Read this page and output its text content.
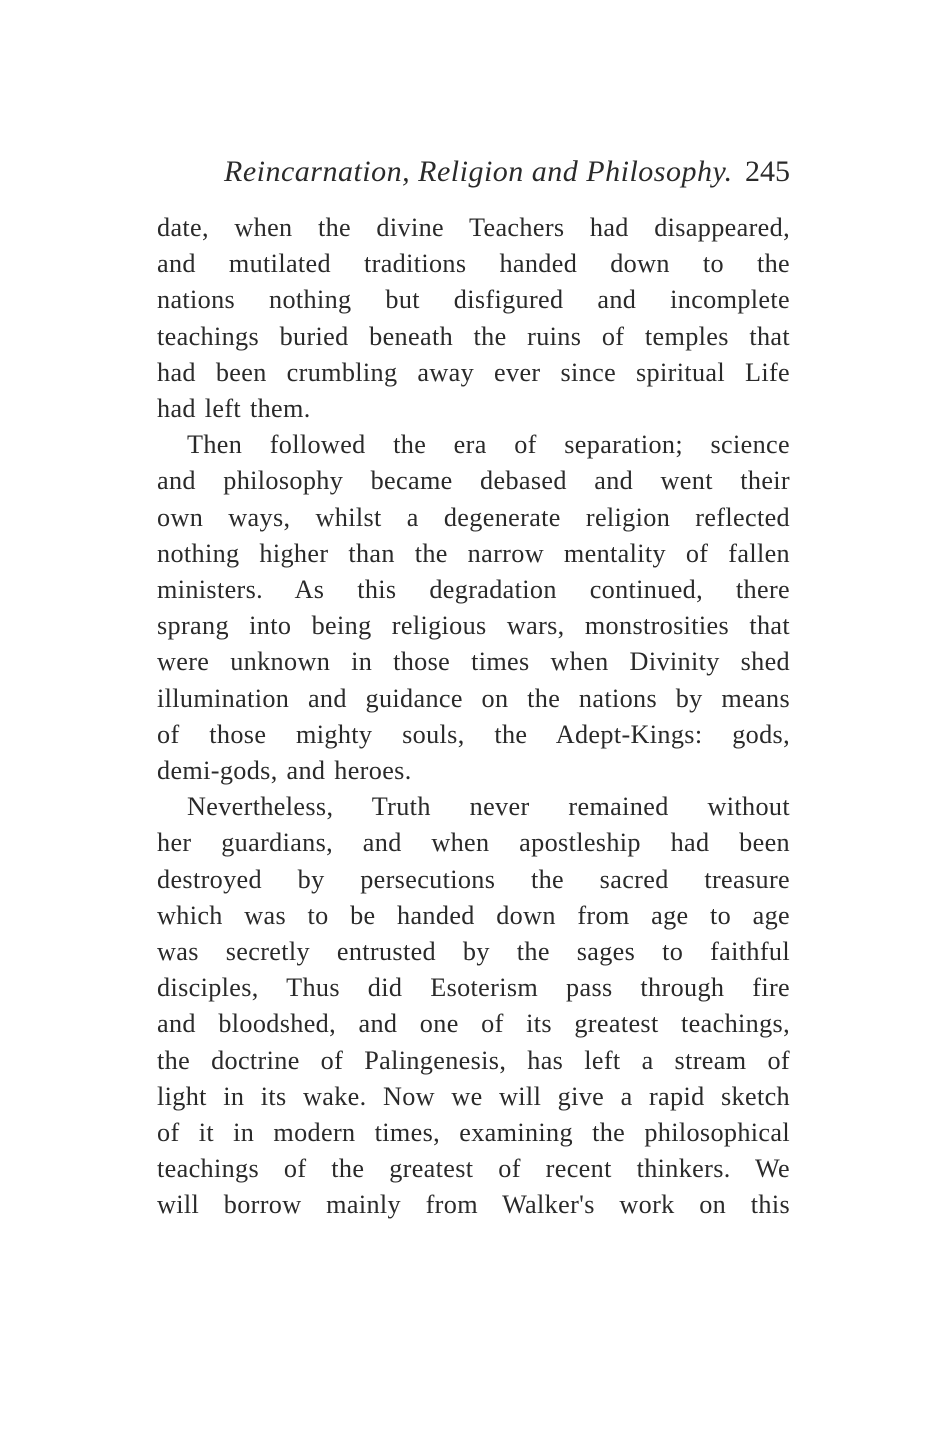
Reincarnation, Religion and Philosophy. 245
date, when the divine Teachers had disappeared,
and mutilated traditions handed down to the
nations nothing but disfigured and incomplete
teachings buried beneath the ruins of temples that
had been crumbling away ever since spiritual Life
had left them.
Then followed the era of separation; science
and philosophy became debased and went their
own ways, whilst a degenerate religion reflected
nothing higher than the narrow mentality of fallen
ministers. As this degradation continued, there
sprang into being religious wars, monstrosities that
were unknown in those times when Divinity shed
illumination and guidance on the nations by means
of those mighty souls, the Adept-Kings: gods,
demi-gods, and heroes.
Nevertheless, Truth never remained without
her guardians, and when apostleship had been
destroyed by persecutions the sacred treasure
which was to be handed down from age to age
was secretly entrusted by the sages to faithful
disciples, Thus did Esoterism pass through fire
and bloodshed, and one of its greatest teachings,
the doctrine of Palingenesis, has left a stream of
light in its wake. Now we will give a rapid sketch
of it in modern times, examining the philosophical
teachings of the greatest of recent thinkers. We
will borrow mainly from Walker's work on this
